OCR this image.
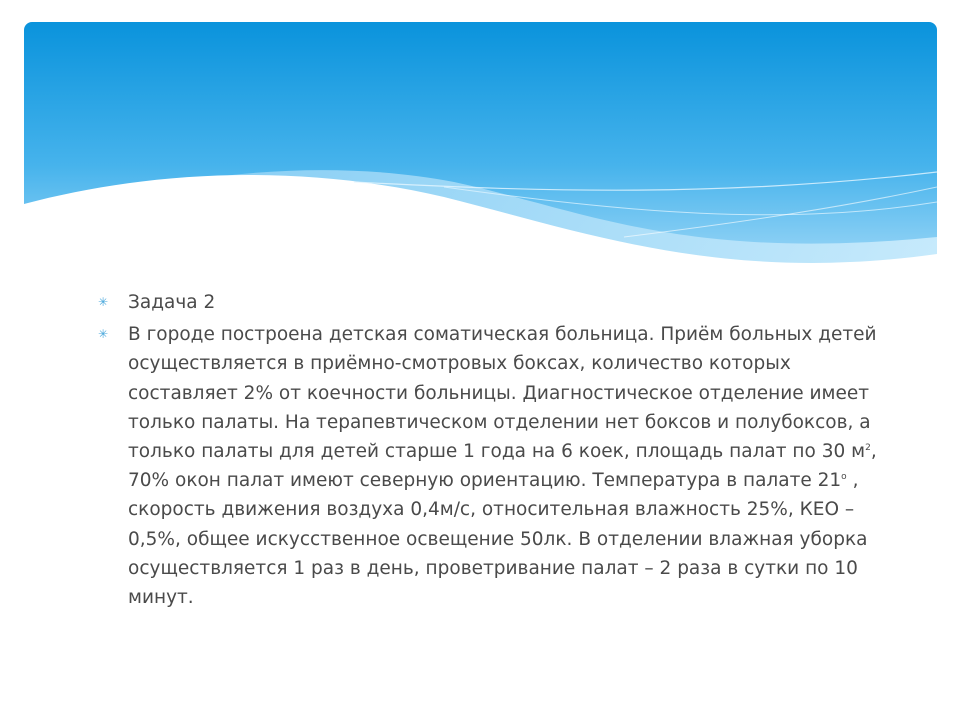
✳ Задача 2

✳ В городе построена детская соматическая больница. Приём больных детей осуществляется в приёмно-смотровых боксах, количество которых составляет 2% от коечности больницы. Диагностическое отделение имеет только палаты. На терапевтическом отделении нет боксов и полубоксов, а только палаты для детей старше 1 года на 6 коек, площадь палат по 30 $м^2$, 70% окон палат имеют северную ориентацию. Температура в палате $21^о$ , скорость движения воздуха 0,4м/с, относительная влажность 25%, КЕО – 0,5%, общее искусственное освещение 50лк. В отделении влажная уборка осуществляется 1 раз в день, проветривание палат – 2 раза в сутки по 10 минут.
